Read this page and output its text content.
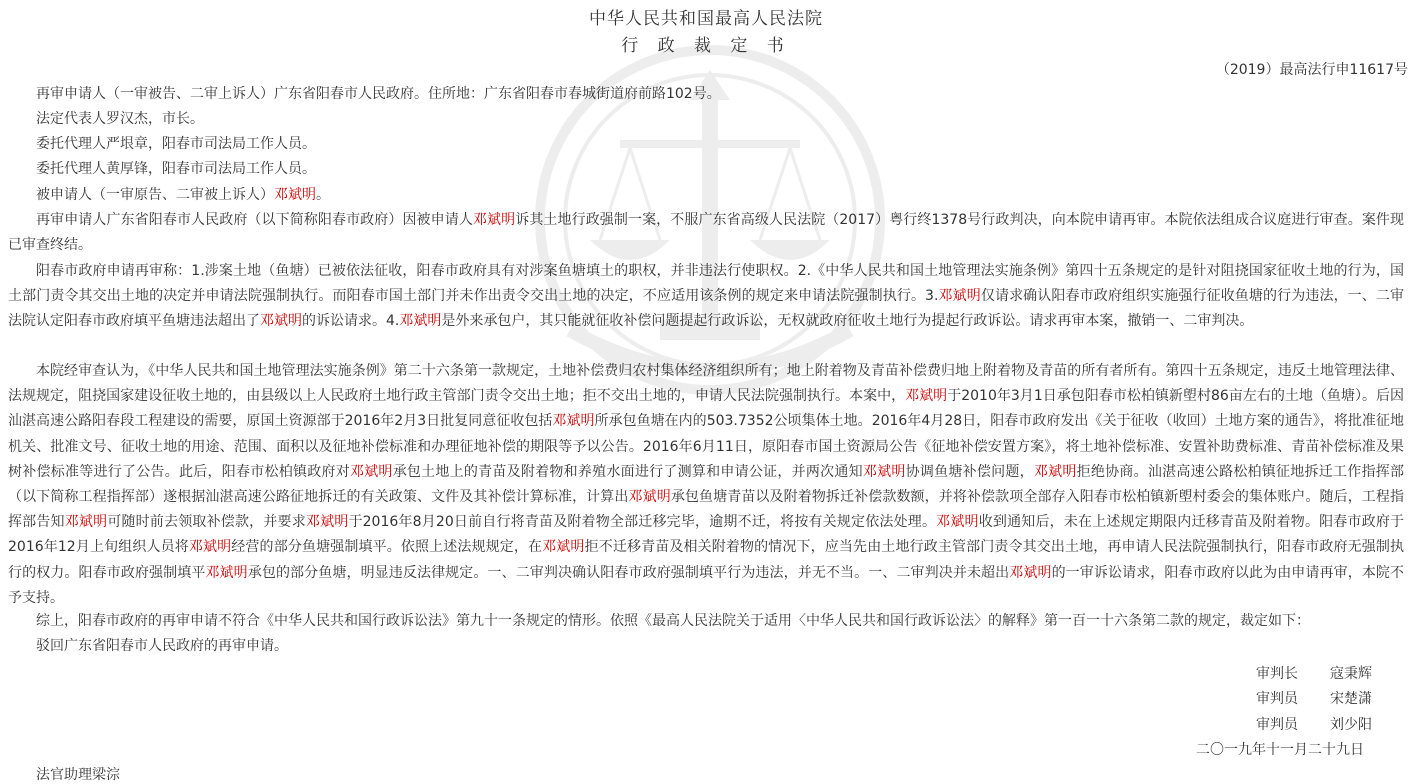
中华人民共和国最高人民法院
行 政 裁 定 书
（2019）最高法行申11617号
再审申请人（一审被告、二审上诉人）广东省阳春市人民政府。住所地：广东省阳春市春城街道府前路102号。
法定代表人罗汉杰，市长。
委托代理人严垠章，阳春市司法局工作人员。
委托代理人黄厚锋，阳春市司法局工作人员。
被申请人（一审原告、二审被上诉人）邓斌明。
再审申请人广东省阳春市人民政府（以下简称阳春市政府）因被申请人邓斌明诉其土地行政强制一案，不服广东省高级人民法院（2017）粤行终1378号行政判决，向本院申请再审。本院依法组成合议庭进行审查。案件现已审查终结。
阳春市政府申请再审称：1.涉案土地（鱼塘）已被依法征收，阳春市政府具有对涉案鱼塘填土的职权，并非违法行使职权。2.《中华人民共和国土地管理法实施条例》第四十五条规定的是针对阻挠国家征收土地的行为，国土部门责令其交出土地的决定并申请法院强制执行。而阳春市国土部门并未作出责令交出土地的决定，不应适用该条例的规定来申请法院强制执行。3.邓斌明仅请求确认阳春市政府组织实施强行征收鱼塘的行为违法，一、二审法院认定阳春市政府填平鱼塘违法超出了邓斌明的诉讼请求。4.邓斌明是外来承包户，其只能就征收补偿问题提起行政诉讼，无权就政府征收土地行为提起行政诉讼。请求再审本案，撤销一、二审判决。
本院经审查认为，《中华人民共和国土地管理法实施条例》第二十六条第一款规定，土地补偿费归农村集体经济组织所有；地上附着物及青苗补偿费归地上附着物及青苗的所有者所有。第四十五条规定，违反土地管理法律、法规规定，阻挠国家建设征收土地的，由县级以上人民政府土地行政主管部门责令交出土地；拒不交出土地的，申请人民法院强制执行。本案中，邓斌明于2010年3月1日承包阳春市松柏镇新塱村86亩左右的土地（鱼塘）。后因汕湛高速公路阳春段工程建设的需要，原国土资源部于2016年2月3日批复同意征收包括邓斌明所承包鱼塘在内的503.7352公顷集体土地。2016年4月28日，阳春市政府发出《关于征收（收回）土地方案的通告》，将批准征地机关、批准文号、征收土地的用途、范围、面积以及征地补偿标准和办理征地补偿的期限等予以公告。2016年6月11日，原阳春市国土资源局公告《征地补偿安置方案》，将土地补偿标准、安置补助费标准、青苗补偿标准及果树补偿标准等进行了公告。此后，阳春市松柏镇政府对邓斌明承包土地上的青苗及附着物和养殖水面进行了测算和申请公证，并两次通知邓斌明协调鱼塘补偿问题，邓斌明拒绝协商。汕湛高速公路松柏镇征地拆迁工作指挥部（以下简称工程指挥部）遂根据汕湛高速公路征地拆迁的有关政策、文件及其补偿计算标准，计算出邓斌明承包鱼塘青苗以及附着物拆迁补偿款数额，并将补偿款项全部存入阳春市松柏镇新塱村委会的集体账户。随后，工程指挥部告知邓斌明可随时前去领取补偿款，并要求邓斌明于2016年8月20日前自行将青苗及附着物全部迁移完毕，逾期不迁，将按有关规定依法处理。邓斌明收到通知后，未在上述规定期限内迁移青苗及附着物。阳春市政府于2016年12月上旬组织人员将邓斌明经营的部分鱼塘强制填平。依照上述法规规定，在邓斌明拒不迁移青苗及相关附着物的情况下，应当先由土地行政主管部门责令其交出土地，再申请人民法院强制执行，阳春市政府无强制执行的权力。阳春市政府强制填平邓斌明承包的部分鱼塘，明显违反法律规定。一、二审判决确认阳春市政府强制填平行为违法，并无不当。一、二审判决并未超出邓斌明的一审诉讼请求，阳春市政府以此为由申请再审，本院不予支持。
综上，阳春市政府的再审申请不符合《中华人民共和国行政诉讼法》第九十一条规定的情形。依照《最高人民法院关于适用〈中华人民共和国行政诉讼法〉的解释》第一百一十六条第二款的规定，裁定如下：
驳回广东省阳春市人民政府的再审申请。
审判长 寇秉辉
审判员 宋楚潇
审判员 刘少阳
二〇一九年十一月二十九日
法官助理梁淙
